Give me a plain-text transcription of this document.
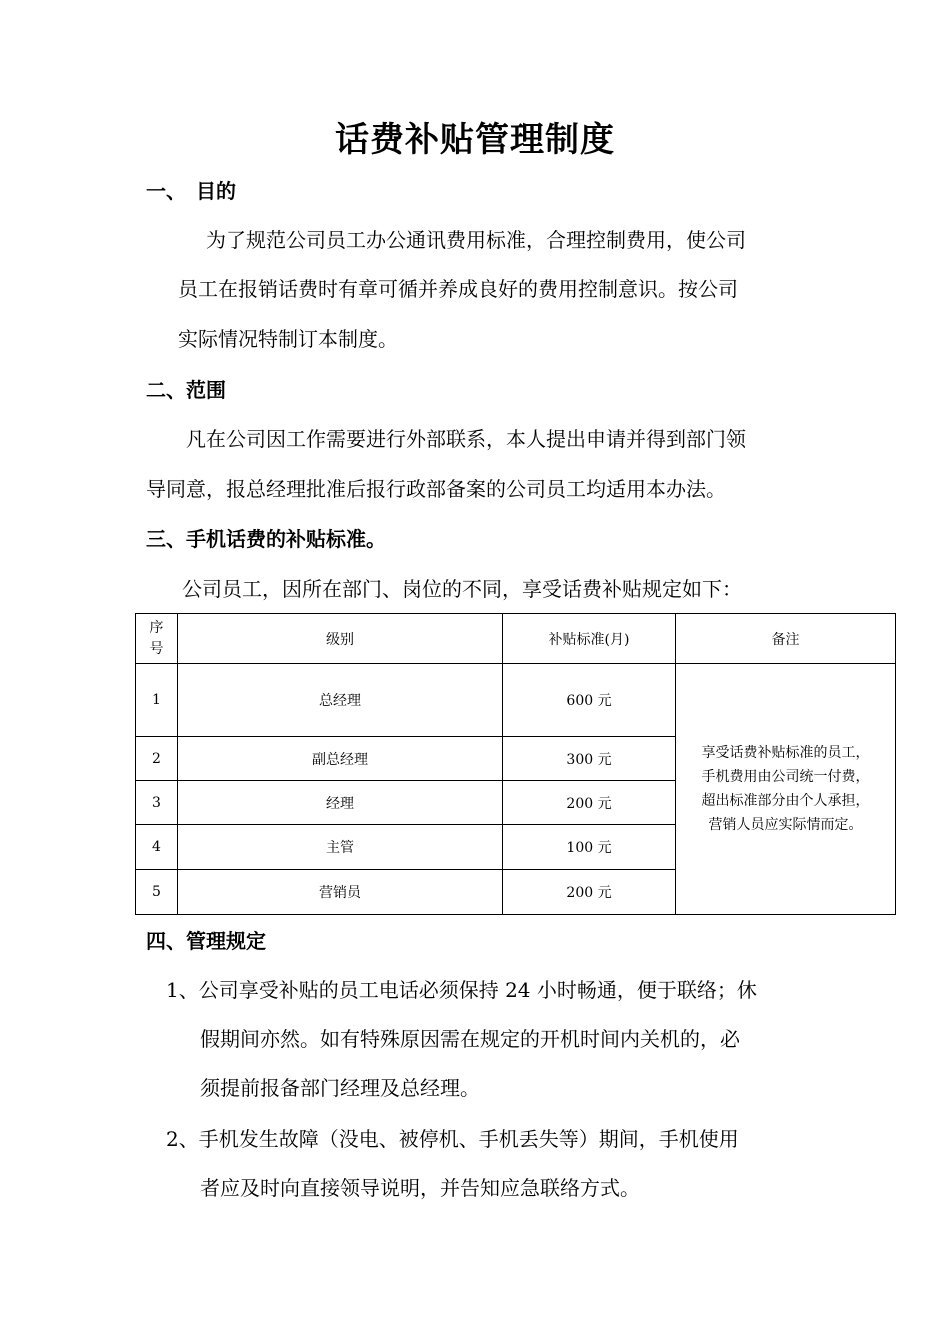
话费补贴管理制度
一、　目的
为了规范公司员工办公通讯费用标准，合理控制费用，使公司
员工在报销话费时有章可循并养成良好的费用控制意识。按公司
实际情况特制订本制度。
二、范围
凡在公司因工作需要进行外部联系，本人提出申请并得到部门领
导同意，报总经理批准后报行政部备案的公司员工均适用本办法。
三、手机话费的补贴标准。
公司员工，因所在部门、岗位的不同，享受话费补贴规定如下：
序号	级别	补贴标准(月)	备注
1	总经理	600 元	享受话费补贴标准的员工，
手机费用由公司统一付费，
超出标准部分由个人承担，
营销人员应实际情而定。

2	副总经理	300 元	
3	经理	200 元	
4	主管	100 元	
5	营销员	200 元	
四、管理规定
1、公司享受补贴的员工电话必须保持 24 小时畅通，便于联络；休
假期间亦然。如有特殊原因需在规定的开机时间内关机的，必
须提前报备部门经理及总经理。
2、手机发生故障（没电、被停机、手机丢失等）期间，手机使用
者应及时向直接领导说明，并告知应急联络方式。
